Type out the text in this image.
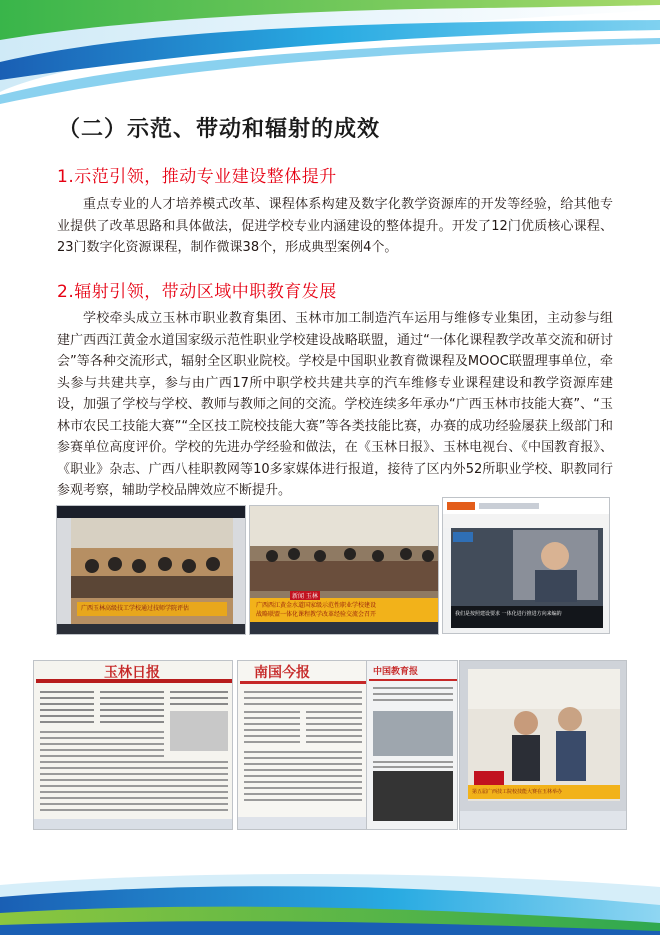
（二）示范、带动和辐射的成效
1.示范引领，推动专业建设整体提升
重点专业的人才培养模式改革、课程体系构建及数字化教学资源库的开发等经验，给其他专业提供了改革思路和具体做法，促进学校专业内涵建设的整体提升。开发了12门优质核心课程、23门数字化资源课程，制作微课38个，形成典型案例4个。
2.辐射引领，带动区域中职教育发展
学校牵头成立玉林市职业教育集团、玉林市加工制造汽车运用与维修专业集团，主动参与组建广西西江黄金水道国家级示范性职业学校建设战略联盟，通过“一体化课程教学改革交流和研讨会”等各种交流形式，辐射全区职业院校。学校是中国职业教育微课程及MOOC联盟理事单位，牵头参与共建共享，参与由广西17所中职学校共建共享的汽车维修专业课程建设和教学资源库建设，加强了学校与学校、教师与教师之间的交流。学校连续多年承办“广西玉林市技能大赛”、“玉林市农民工技能大赛”“全区技工院校技能大赛”等各类技能比赛，办赛的成功经验屡获上级部门和参赛单位高度评价。学校的先进办学经验和做法，在《玉林日报》、玉林电视台、《中国教育报》、《职业》杂志、广西八桂职教网等10多家媒体进行报道，接待了区内外52所职业学校、职教同行参观考察，辅助学校品牌效应不断提升。
广西玉林高级技工学校通过技师学院评估
新闻 玉林
广西西江黄金水道国家级示范性职业学校建设
战略联盟一体化课程教学改革经验交流会召开	我们是按照建设要求 一体化进行推进方向来编的
玉林日报	南国今报	中国教育报
第五届广西技工院校技能大赛在玉林举办
